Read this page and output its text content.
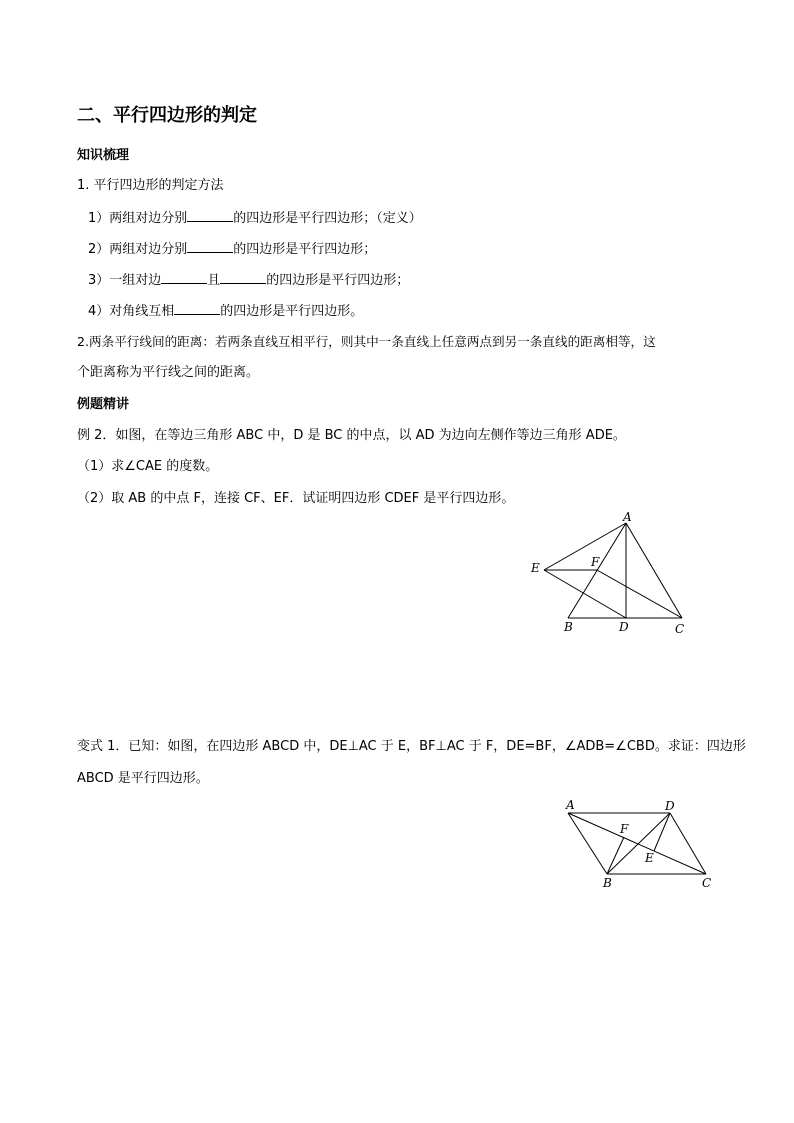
二、平行四边形的判定
知识梳理
1. 平行四边形的判定方法
1）两组对边分别	的四边形是平行四边形；（定义）
2）两组对边分别	的四边形是平行四边形；
3）一组对边	且	的四边形是平行四边形；
4）对角线互相	的四边形是平行四边形。
2.两条平行线间的距离：若两条直线互相平行，则其中一条直线上任意两点到另一条直线的距离相等，这
个距离称为平行线之间的距离。
例题精讲
例 2．如图，在等边三角形 ABC 中，D 是 BC 的中点，以 AD 为边向左侧作等边三角形 ADE。
（1）求∠CAE 的度数。
（2）取 AB 的中点 F，连接 CF、EF．试证明四边形 CDEF 是平行四边形。
A
E	F
B	D	C
变式 1．已知：如图，在四边形 ABCD 中，DE⊥AC 于 E，BF⊥AC 于 F，DE=BF，∠ADB=∠CBD。求证：四边形
ABCD 是平行四边形。
A	D
F
E
B	C
